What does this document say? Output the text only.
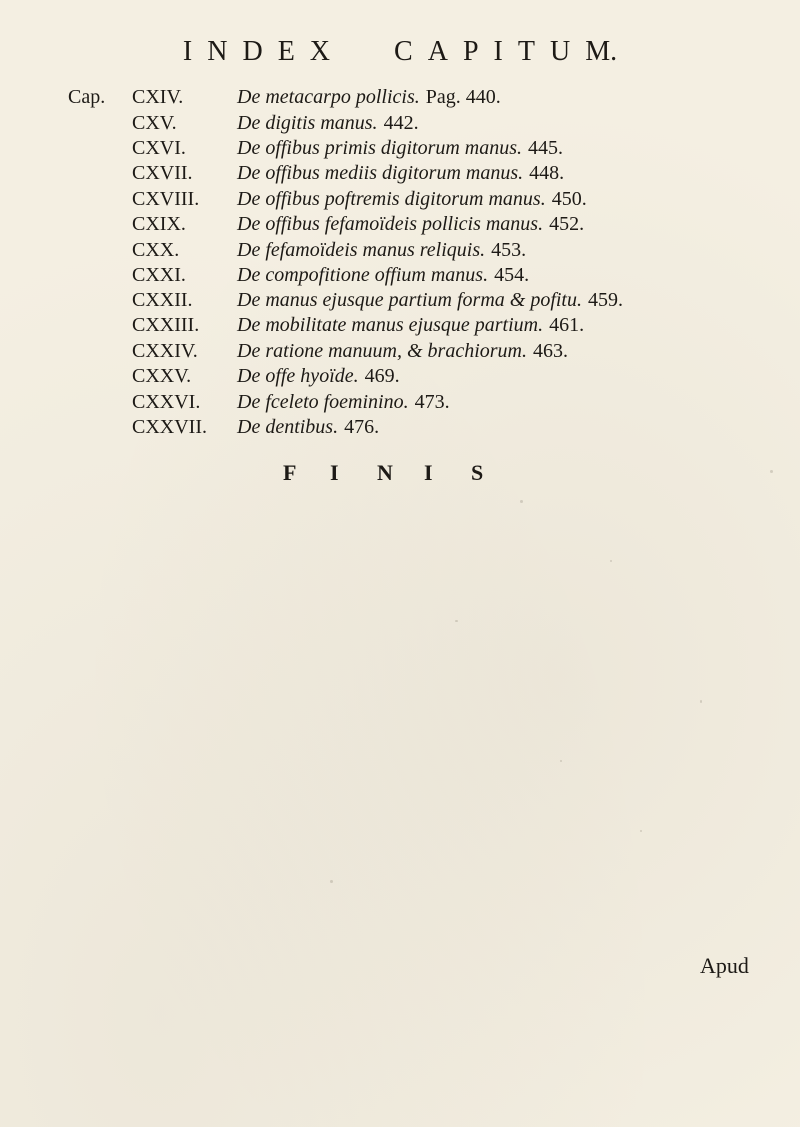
I N D E X C A P I T U M.
Cap. CXIV.	De metacarpo pollicis. Pag. 440.
CXV.	De digitis manus. 442.
CXVI.	De offibus primis digitorum manus. 445.
CXVII. De offibus mediis digitorum manus. 448.
CXVIII. De offibus poftremis digitorum manus. 450.
CXIX.	De offibus fefamoïdeis pollicis manus. 452.
CXX.	De fefamoïdeis manus reliquis. 453.
CXXI.	De compofitione offium manus. 454.
CXXII. De manus ejusque partium forma & pofitu. 459.
CXXIII. De mobilitate manus ejusque partium. 461.
CXXIV. De ratione manuum, & brachiorum. 463.
CXXV. De offe hyoïde. 469.
CXXVI. De fceleto foeminino. 473.
CXXVII. De dentibus. 476.
F I N I S
Apud
